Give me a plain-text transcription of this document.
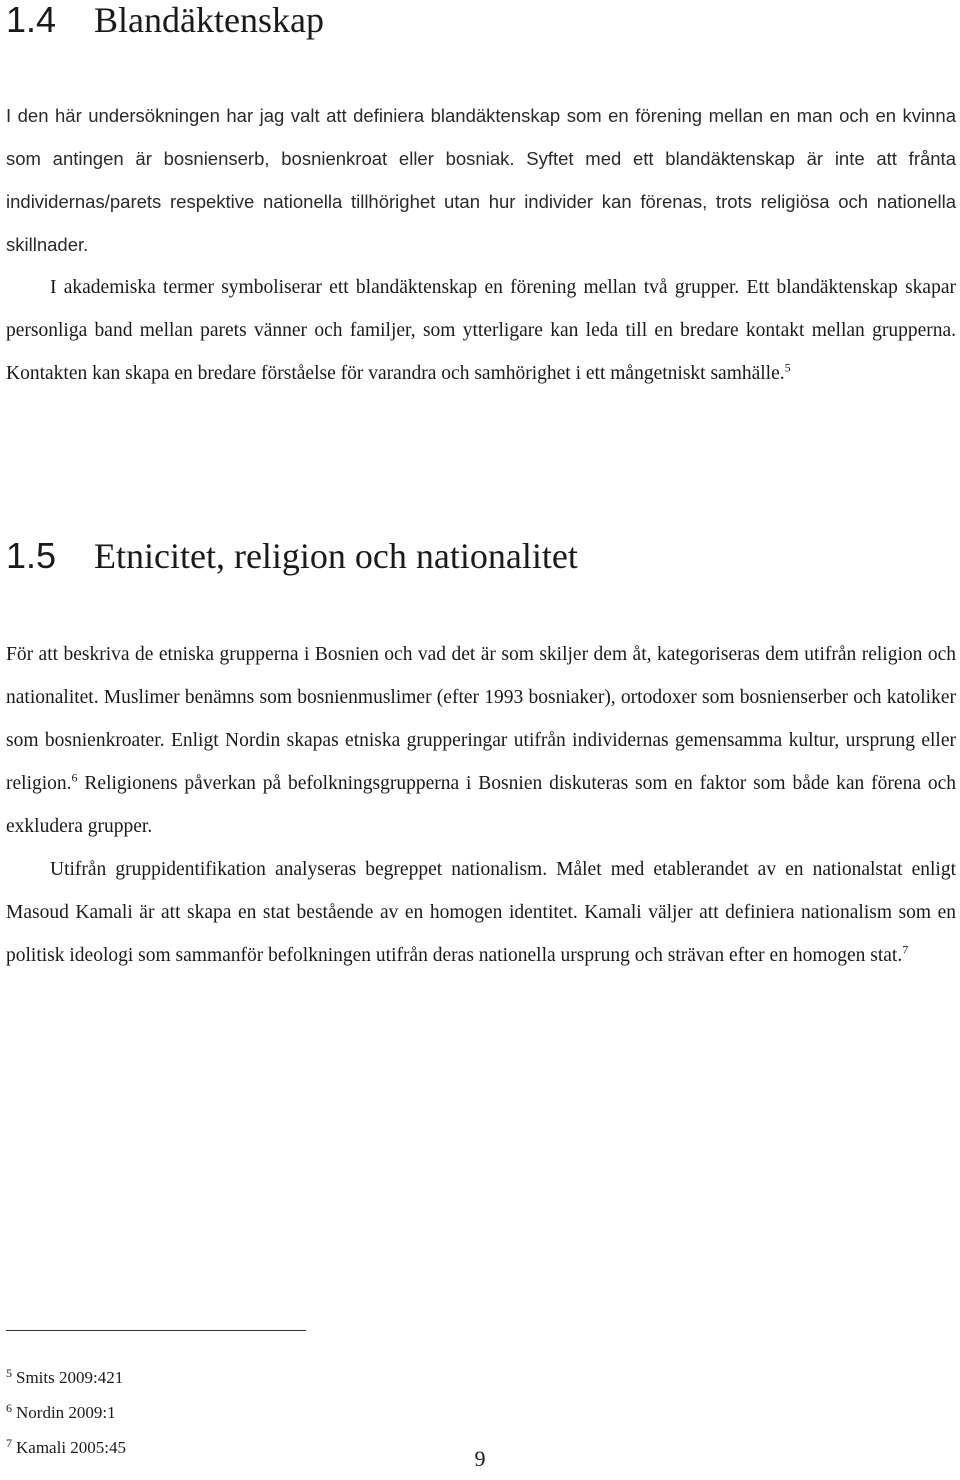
1.4	Blandäktenskap

I den här undersökningen har jag valt att definiera blandäktenskap som en förening mellan en man och en kvinna som antingen är bosnienserb, bosnienkroat eller bosniak. Syftet med ett blandäktenskap är inte att frånta individernas/parets respektive nationella tillhörighet utan hur individer kan förenas, trots religiösa och nationella skillnader.

I akademiska termer symboliserar ett blandäktenskap en förening mellan två grupper. Ett blandäktenskap skapar personliga band mellan parets vänner och familjer, som ytterligare kan leda till en bredare kontakt mellan grupperna. Kontakten kan skapa en bredare förståelse för varandra och samhörighet i ett mångetniskt samhälle.$^5$

1.5	Etnicitet, religion och nationalitet

För att beskriva de etniska grupperna i Bosnien och vad det är som skiljer dem åt, kategoriseras dem utifrån religion och nationalitet. Muslimer benämns som bosnienmuslimer (efter 1993 bosniaker), ortodoxer som bosnienserber och katoliker som bosnienkroater. Enligt Nordin skapas etniska grupperingar utifrån individernas gemensamma kultur, ursprung eller religion.$^6$ Religionens påverkan på befolkningsgrupperna i Bosnien diskuteras som en faktor som både kan förena och exkludera grupper.

Utifrån gruppidentifikation analyseras begreppet nationalism. Målet med etablerandet av en nationalstat enligt Masoud Kamali är att skapa en stat bestående av en homogen identitet. Kamali väljer att definiera nationalism som en politisk ideologi som sammanför befolkningen utifrån deras nationella ursprung och strävan efter en homogen stat.$^7$

$^5$ Smits 2009:421

$^6$ Nordin 2009:1

$^7$ Kamali 2005:45	9
